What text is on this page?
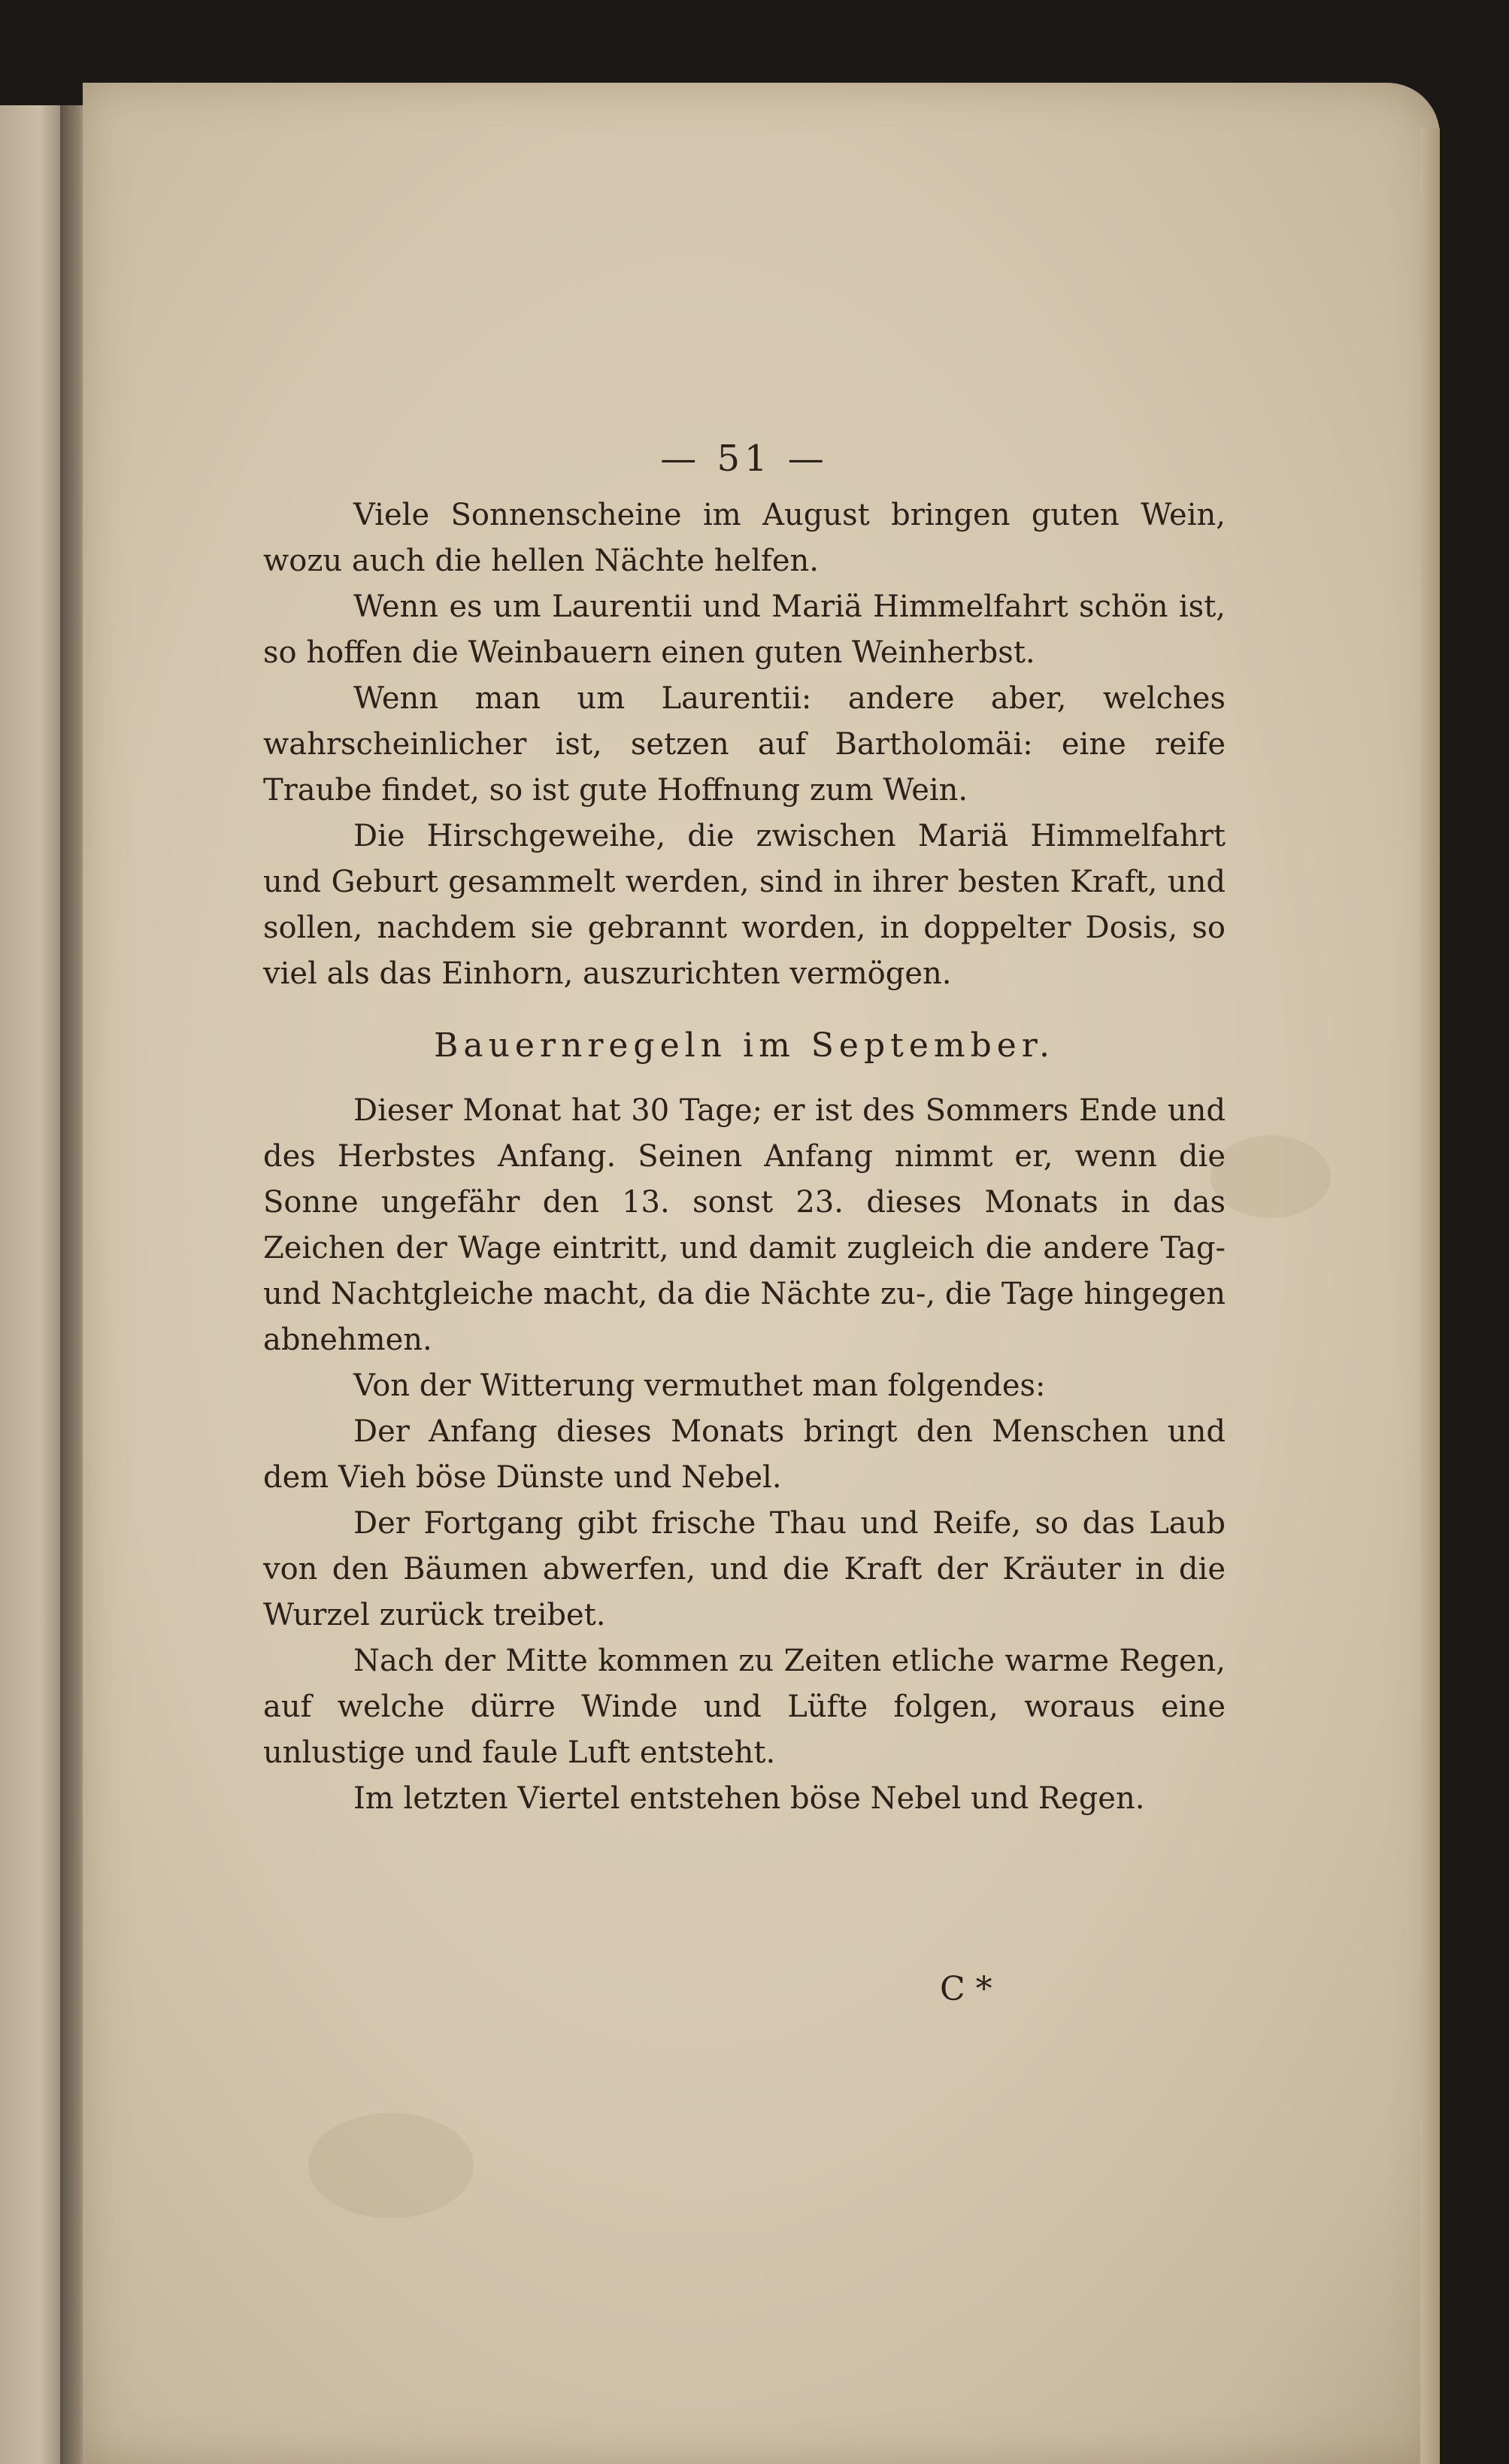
— 51 —

Viele Sonnenscheine im August bringen guten Wein, wozu auch die hellen Nächte helfen.

Wenn es um Laurentii und Mariä Himmelfahrt schön ist, so hoffen die Weinbauern einen guten Weinherbst.

Wenn man um Laurentii: andere aber, welches wahrscheinlicher ist, setzen auf Bartholomäi: eine reife Traube findet, so ist gute Hoffnung zum Wein.

Die Hirschgeweihe, die zwischen Mariä Himmelfahrt und Geburt gesammelt werden, sind in ihrer besten Kraft, und sollen, nachdem sie gebrannt worden, in doppelter Dosis, so viel als das Einhorn, auszurichten vermögen.

Bauernregeln im September.

Dieser Monat hat 30 Tage; er ist des Sommers Ende und des Herbstes Anfang. Seinen Anfang nimmt er, wenn die Sonne ungefähr den 13. sonst 23. dieses Monats in das Zeichen der Wage eintritt, und damit zugleich die andere Tag- und Nachtgleiche macht, da die Nächte zu-, die Tage hingegen abnehmen.

Von der Witterung vermuthet man folgendes:

Der Anfang dieses Monats bringt den Menschen und dem Vieh böse Dünste und Nebel.

Der Fortgang gibt frische Thau und Reife, so das Laub von den Bäumen abwerfen, und die Kraft der Kräuter in die Wurzel zurück treibet.

Nach der Mitte kommen zu Zeiten etliche warme Regen, auf welche dürre Winde und Lüfte folgen, woraus eine unlustige und faule Luft entsteht.

Im letzten Viertel entstehen böse Nebel und Regen.

C *
